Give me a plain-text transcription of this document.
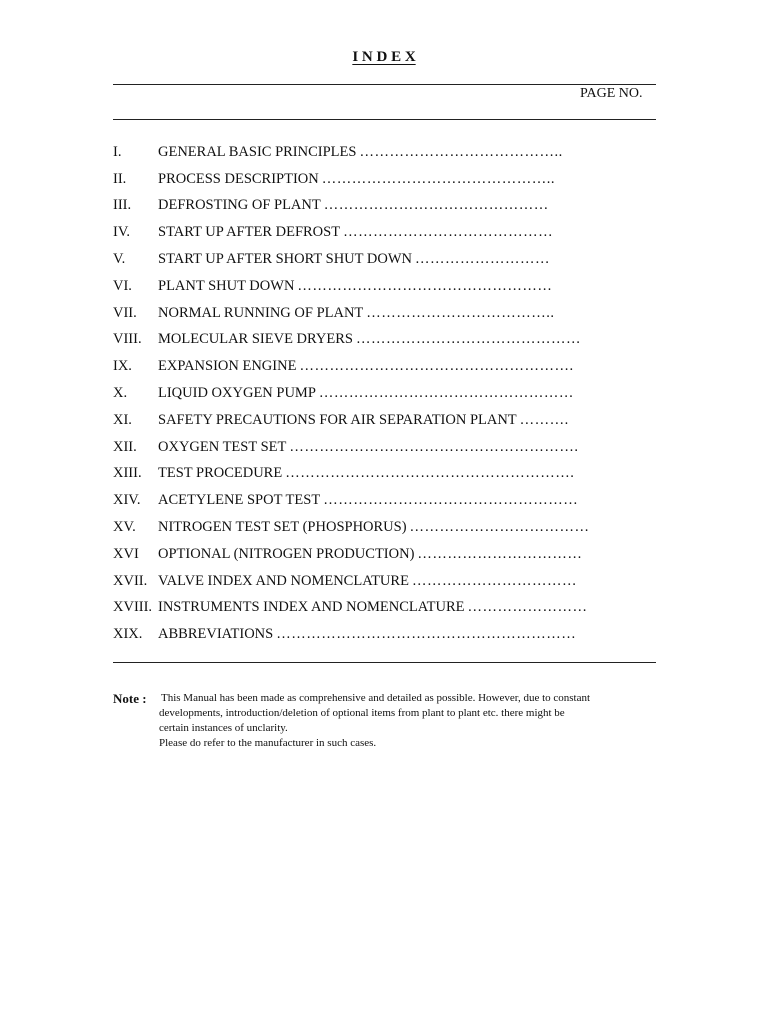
I N D E X
PAGE NO.
I.	GENERAL BASIC PRINCIPLES …………………………………..
II.	PROCESS DESCRIPTION ………………………………………..
III.	DEFROSTING OF PLANT ………………………………………
IV.	START UP AFTER DEFROST ……………………………………
V.	START UP AFTER SHORT SHUT DOWN ………………………
VI.	PLANT SHUT DOWN ……………………………………………
VII.	NORMAL RUNNING OF PLANT ………………………………..
VIII.	MOLECULAR SIEVE DRYERS ………………………………………
IX.	EXPANSION ENGINE ……………………………………………….
X.	LIQUID OXYGEN PUMP ……………………………………………
XI.	SAFETY PRECAUTIONS FOR AIR SEPARATION PLANT ……….
XII.	OXYGEN TEST SET ………………………………………………….
XIII.	TEST PROCEDURE ………………………………………………….
XIV.	ACETYLENE SPOT TEST ……………………………………………
XV.	NITROGEN TEST SET (PHOSPHORUS) ………………………………
XVI	OPTIONAL (NITROGEN PRODUCTION) ……………………………
XVII. VALVE INDEX AND NOMENCLATURE ……………………………
XVIII. INSTRUMENTS INDEX AND NOMENCLATURE ……………………
XIX.	ABBREVIATIONS ……………………………………………………
Note : This Manual has been made as comprehensive and detailed as possible. However, due to constant
developments, introduction/deletion of optional items from plant to plant etc. there might be
certain instances of unclarity.
Please do refer to the manufacturer in such cases.
